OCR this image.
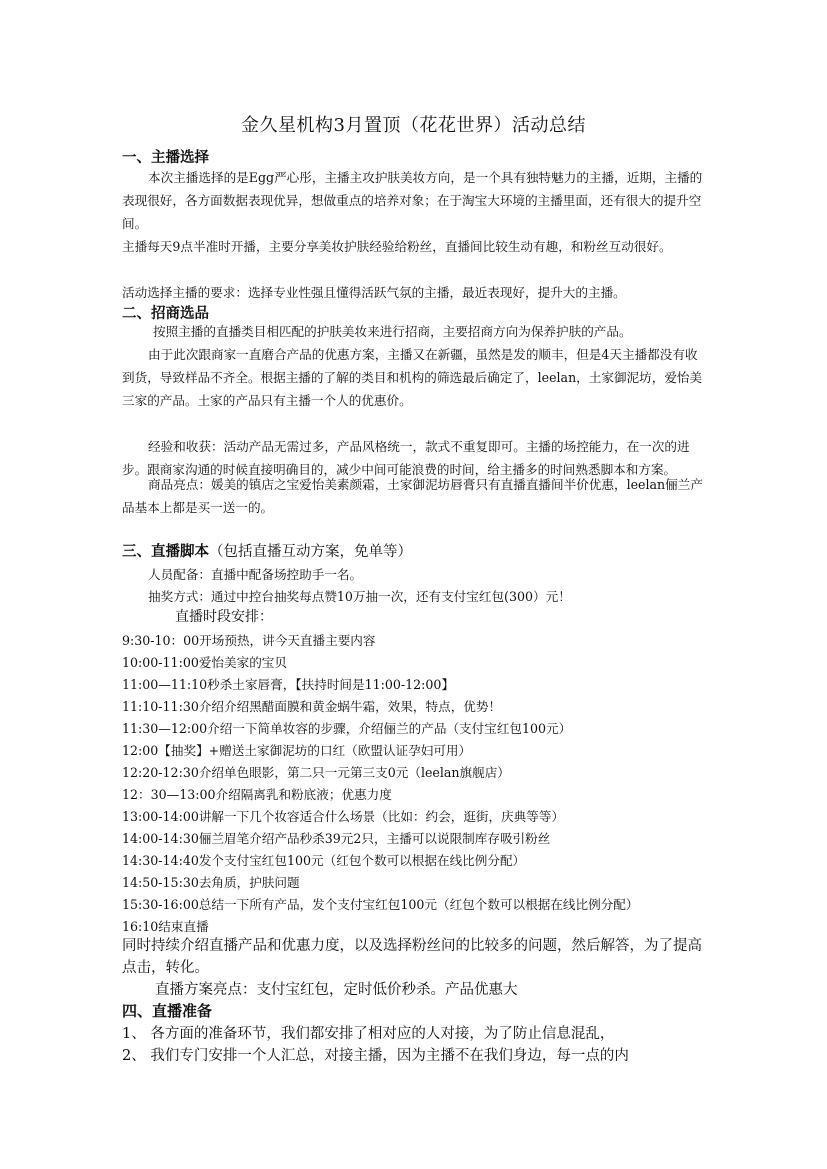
金久星机构3月置顶（花花世界）活动总结
一、主播选择
本次主播选择的是Egg严心彤，主播主攻护肤美妆方向，是一个具有独特魅力的主播，近期，主播的表现很好，各方面数据表现优异，想做重点的培养对象；在于淘宝大环境的主播里面，还有很大的提升空间。
主播每天9点半准时开播，主要分享美妆护肤经验给粉丝，直播间比较生动有趣，和粉丝互动很好。
活动选择主播的要求：选择专业性强且懂得活跃气氛的主播，最近表现好，提升大的主播。
二、招商选品
按照主播的直播类目相匹配的护肤美妆来进行招商，主要招商方向为保养护肤的产品。
由于此次跟商家一直磨合产品的优惠方案，主播又在新疆，虽然是发的顺丰，但是4天主播都没有收到货，导致样品不齐全。根据主播的了解的类目和机构的筛选最后确定了，leelan，土家御泥坊，爱怡美三家的产品。土家的产品只有主播一个人的优惠价。
经验和收获：活动产品无需过多，产品风格统一，款式不重复即可。主播的场控能力，在一次的进步。跟商家沟通的时候直接明确目的，减少中间可能浪费的时间，给主播多的时间熟悉脚本和方案。
商品亮点：媛美的镇店之宝爱怡美素颜霜，土家御泥坊唇膏只有直播直播间半价优惠，leelan俪兰产品基本上都是买一送一的。
三、直播脚本（包括直播互动方案，免单等）
人员配备：直播中配备场控助手一名。
抽奖方式：通过中控台抽奖每点赞10万抽一次，还有支付宝红包(300）元！
直播时段安排：
9:30-10：00开场预热，讲今天直播主要内容
10:00-11:00爱怡美家的宝贝
11:00—11:10秒杀土家唇膏，【扶持时间是11:00-12:00】
11:10-11:30介绍介绍黑醋面膜和黄金蜗牛霜，效果，特点，优势！
11:30—12:00介绍一下简单妆容的步骤，介绍俪兰的产品（支付宝红包100元）
12:00【抽奖】+赠送土家御泥坊的口红（欧盟认证孕妇可用）
12:20-12:30介绍单色眼影，第二只一元第三支0元（leelan旗舰店）
12：30—13:00介绍隔离乳和粉底液；优惠力度
13:00-14:00讲解一下几个妆容适合什么场景（比如：约会，逛街，庆典等等）
14:00-14:30俪兰眉笔介绍产品秒杀39元2只，主播可以说限制库存吸引粉丝
14:30-14:40发个支付宝红包100元（红包个数可以根据在线比例分配）
14:50-15:30去角质，护肤问题
15:30-16:00总结一下所有产品，发个支付宝红包100元（红包个数可以根据在线比例分配）
16:10结束直播
同时持续介绍直播产品和优惠力度，以及选择粉丝问的比较多的问题，然后解答，为了提高点击，转化。
直播方案亮点：支付宝红包，定时低价秒杀。产品优惠大
四、直播准备
1、 各方面的准备环节，我们都安排了相对应的人对接，为了防止信息混乱，
2、 我们专门安排一个人汇总，对接主播，因为主播不在我们身边，每一点的内
